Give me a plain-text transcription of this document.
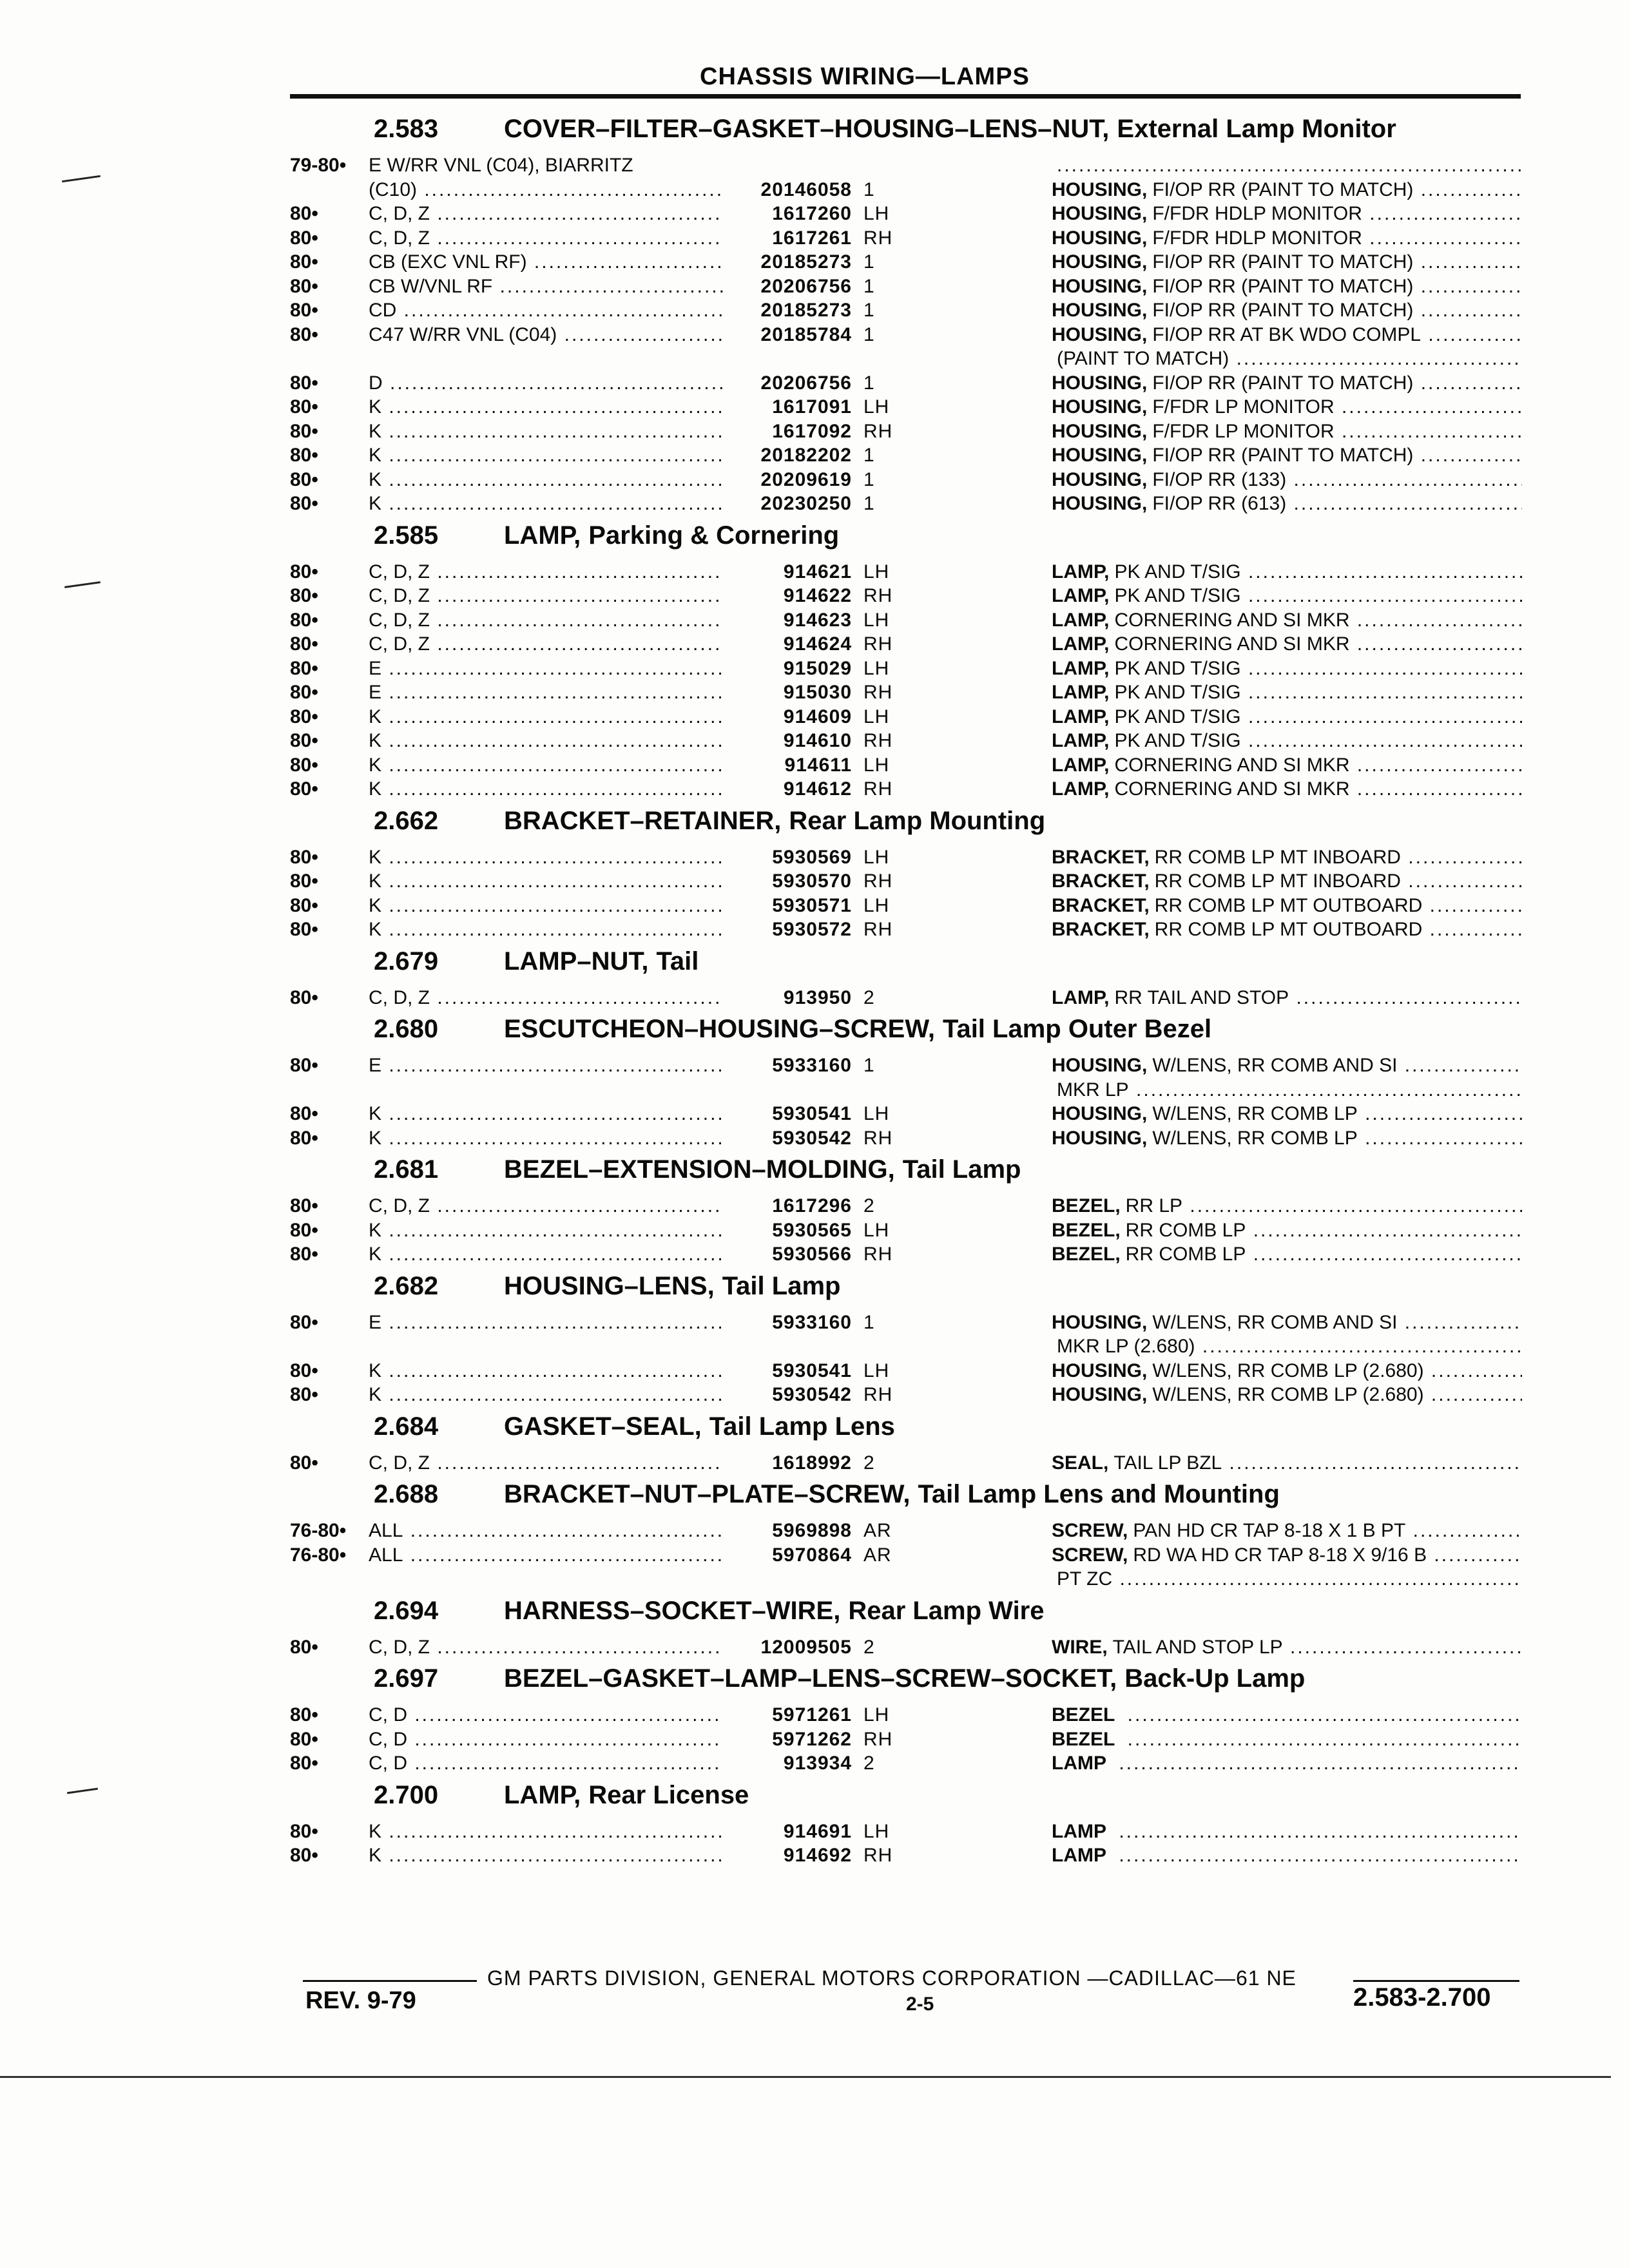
CHASSIS WIRING—LAMPS
2.583	COVER–FILTER–GASKET–HOUSING–LENS–NUT, External Lamp Monitor
79-80• E W/RR VNL (C04), BIARRITZ
.....
(C10) .....	20146058 1	HOUSING, FI/OP RR (PAINT TO MATCH) .....
80•	C, D, Z .....	1617260 LH	HOUSING, F/FDR HDLP MONITOR .....
80•	C, D, Z .....	1617261 RH	HOUSING, F/FDR HDLP MONITOR .....
80•	CB (EXC VNL RF) .....	20185273 1	HOUSING, FI/OP RR (PAINT TO MATCH) .....
80•	CB W/VNL RF .....	20206756 1	HOUSING, FI/OP RR (PAINT TO MATCH) .....
80•	CD .....	20185273 1	HOUSING, FI/OP RR (PAINT TO MATCH) .....
80•	C47 W/RR VNL (C04) .....	20185784 1	HOUSING, FI/OP RR AT BK WDO COMPL .....
(PAINT TO MATCH) .....
80•	D .....	20206756 1	HOUSING, FI/OP RR (PAINT TO MATCH) .....
80•	K .....	1617091 LH	HOUSING, F/FDR LP MONITOR .....
80•	K .....	1617092 RH	HOUSING, F/FDR LP MONITOR .....
80•	K .....	20182202 1	HOUSING, FI/OP RR (PAINT TO MATCH) .....
80•	K .....	20209619 1	HOUSING, FI/OP RR (133) .....
80•	K .....	20230250 1	HOUSING, FI/OP RR (613) .....
2.585	LAMP, Parking & Cornering
80•	C, D, Z .....	914621 LH	LAMP, PK AND T/SIG .....
80•	C, D, Z .....	914622 RH	LAMP, PK AND T/SIG .....
80•	C, D, Z .....	914623 LH	LAMP, CORNERING AND SI MKR .....
80•	C, D, Z .....	914624 RH	LAMP, CORNERING AND SI MKR .....
80•	E .....	915029 LH	LAMP, PK AND T/SIG .....
80•	E .....	915030 RH	LAMP, PK AND T/SIG .....
80•	K .....	914609 LH	LAMP, PK AND T/SIG .....
80•	K .....	914610 RH	LAMP, PK AND T/SIG .....
80•	K .....	914611 LH	LAMP, CORNERING AND SI MKR .....
80•	K .....	914612 RH	LAMP, CORNERING AND SI MKR .....
2.662	BRACKET–RETAINER, Rear Lamp Mounting
80•	K .....	5930569 LH	BRACKET, RR COMB LP MT INBOARD .....
80•	K .....	5930570 RH	BRACKET, RR COMB LP MT INBOARD .....
80•	K .....	5930571 LH	BRACKET, RR COMB LP MT OUTBOARD .....
80•	K .....	5930572 RH	BRACKET, RR COMB LP MT OUTBOARD .....
2.679	LAMP–NUT, Tail
80•	C, D, Z .....	913950 2	LAMP, RR TAIL AND STOP .....
2.680	ESCUTCHEON–HOUSING–SCREW, Tail Lamp Outer Bezel
80•	E .....	5933160 1	HOUSING, W/LENS, RR COMB AND SI .....
MKR LP .....
80•	K .....	5930541 LH	HOUSING, W/LENS, RR COMB LP .....
80•	K .....	5930542 RH	HOUSING, W/LENS, RR COMB LP .....
2.681	BEZEL–EXTENSION–MOLDING, Tail Lamp
80•	C, D, Z .....	1617296 2	BEZEL, RR LP .....
80•	K .....	5930565 LH	BEZEL, RR COMB LP .....
80•	K .....	5930566 RH	BEZEL, RR COMB LP .....
2.682	HOUSING–LENS, Tail Lamp
80•	E .....	5933160 1	HOUSING, W/LENS, RR COMB AND SI .....
MKR LP (2.680) .....
80•	K .....	5930541 LH	HOUSING, W/LENS, RR COMB LP (2.680) .....
80•	K .....	5930542 RH	HOUSING, W/LENS, RR COMB LP (2.680) .....
2.684	GASKET–SEAL, Tail Lamp Lens
80•	C, D, Z .....	1618992 2	SEAL, TAIL LP BZL .....
2.688	BRACKET–NUT–PLATE–SCREW, Tail Lamp Lens and Mounting
76-80• ALL .....	5969898 AR	SCREW, PAN HD CR TAP 8-18 X 1 B PT .....
76-80• ALL .....	5970864 AR	SCREW, RD WA HD CR TAP 8-18 X 9/16 B .....
PT ZC .....
2.694	HARNESS–SOCKET–WIRE, Rear Lamp Wire
80•	C, D, Z .....	12009505 2	WIRE, TAIL AND STOP LP .....
2.697	BEZEL–GASKET–LAMP–LENS–SCREW–SOCKET, Back-Up Lamp
80•	C, D .....	5971261 LH	BEZEL .....
80•	C, D .....	5971262 RH	BEZEL .....
80•	C, D .....	913934 2	LAMP .....
2.700	LAMP, Rear License
80•	K .....	914691 LH	LAMP .....
80•	K .....	914692 RH	LAMP .....
GM PARTS DIVISION, GENERAL MOTORS CORPORATION —CADILLAC—61 NE
REV. 9-79	2-5	2.583-2.700
